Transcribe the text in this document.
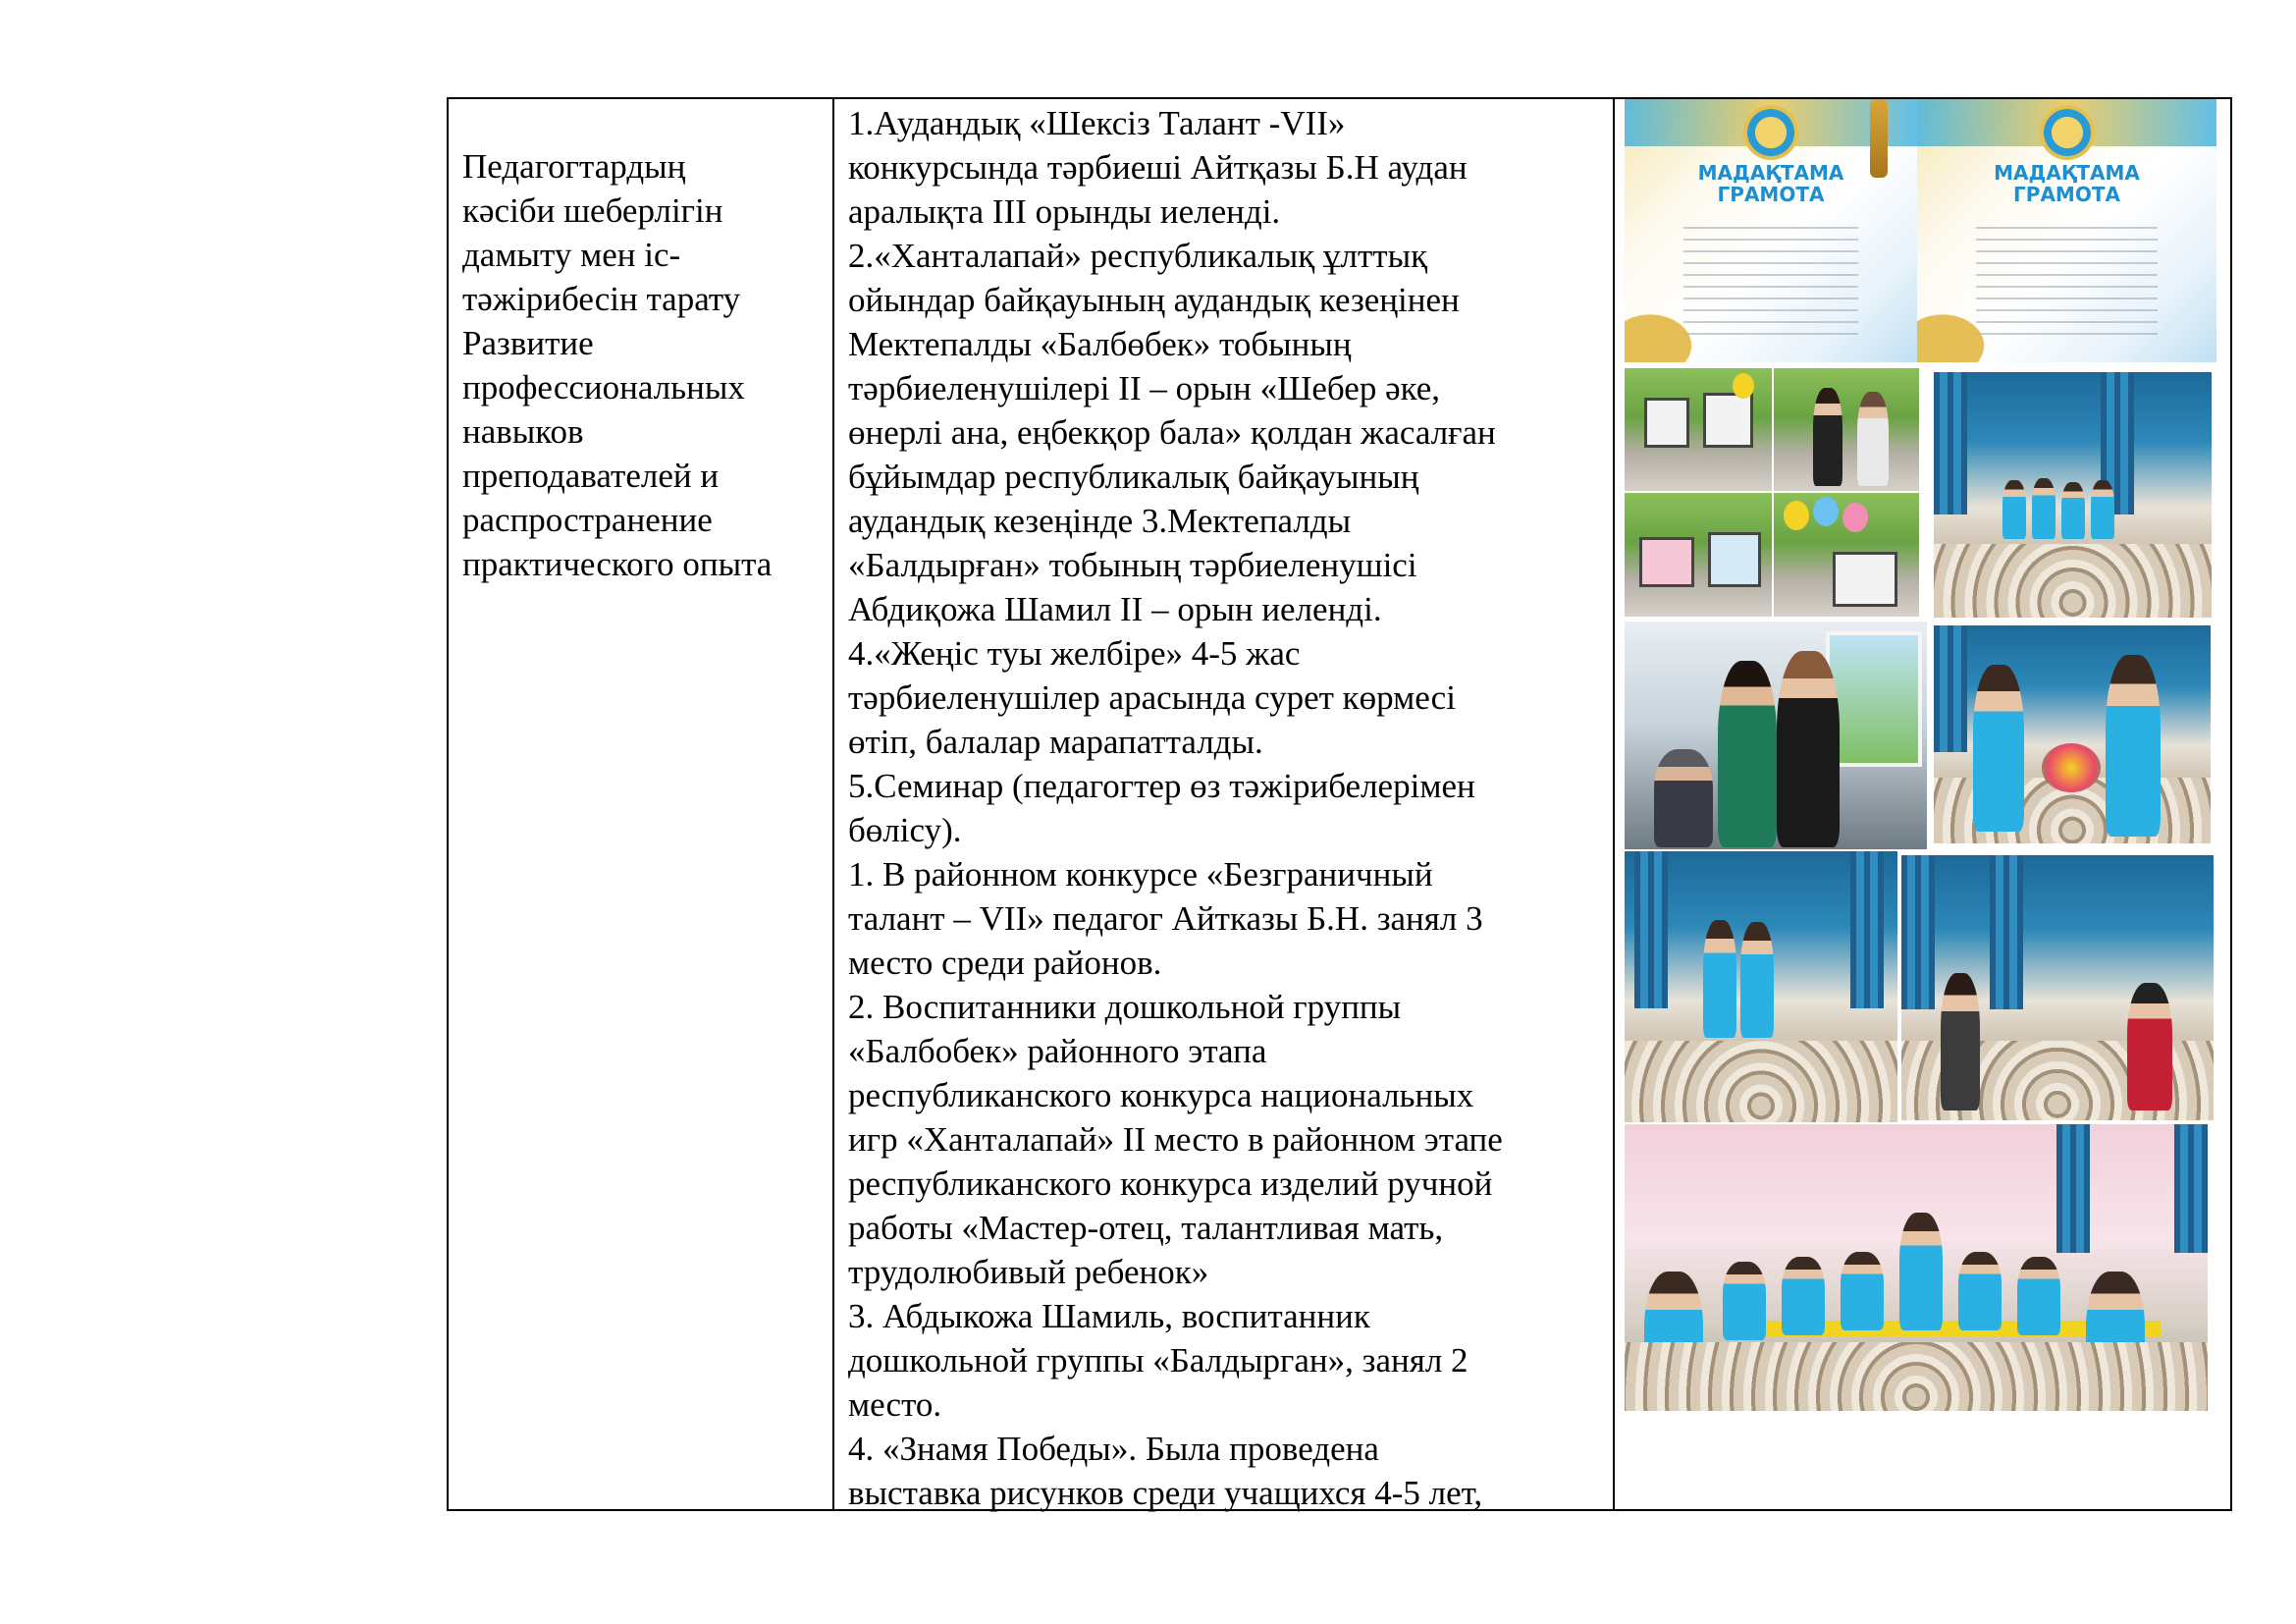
Педагогтардың

кәсіби шеберлігін

дамыту мен іс-

тәжірибесін тарату

Развитие

профессиональных

навыков

преподавателей и

распространение

практического опыта

1.Аудандық «Шексіз Талант -VII»

конкурсында тәрбиеші Айтқазы Б.Н аудан

аралықта III орынды иеленді.

2.«Ханталапай» республикалық ұлттық

ойындар байқауының аудандық кезеңінен

Мектепалды «Балбөбек» тобының

тәрбиеленушілері II – орын «Шебер әке,

өнерлі ана, еңбекқор бала» қолдан жасалған

бұйымдар республикалық байқауының

аудандық кезеңінде 3.Мектепалды

«Балдырған» тобының тәрбиеленушісі

Абдиқожа Шамил II – орын иеленді.

4.«Жеңіс туы желбіре» 4-5 жас

тәрбиеленушілер арасында сурет көрмесі

өтіп, балалар марапатталды.

5.Семинар (педагогтер өз тәжірибелерімен

бөлісу).

1. В районном конкурсе «Безграничный

талант – VII» педагог Айтказы Б.Н. занял 3

место среди районов.

2. Воспитанники дошкольной группы

«Балбобек» районного этапа

республиканского конкурса национальных

игр «Ханталапай» II место в районном этапе

республиканского конкурса изделий ручной

работы «Мастер-отец, талантливая мать,

трудолюбивый ребенок»

3. Абдыкожа Шамиль, воспитанник

дошкольной группы «Балдырган», занял 2

место.

4. «Знамя Победы». Была проведена

выставка рисунков среди учащихся 4-5 лет,

МАДАҚТАМА
ГРАМОТА
МАДАҚТАМА
ГРАМОТА
